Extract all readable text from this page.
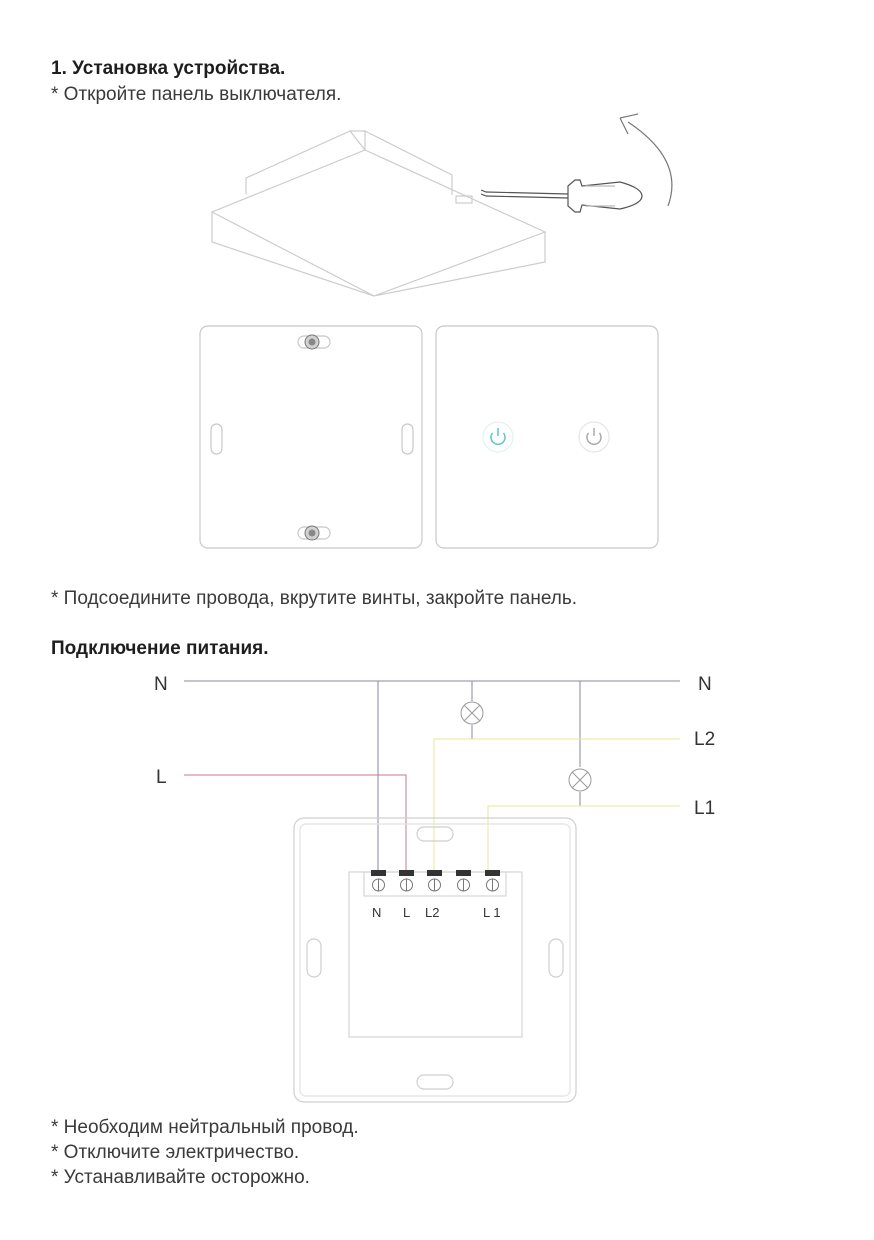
1. Установка устройства.
* Откройте панель выключателя.
* Подсоедините провода, вкрутите винты, закройте панель.
Подключение питания.
* Необходим нейтральный провод.
* Отключите электричество.
* Устанавливайте осторожно.
N
L
N
L2
L1
N L L2	L 1
